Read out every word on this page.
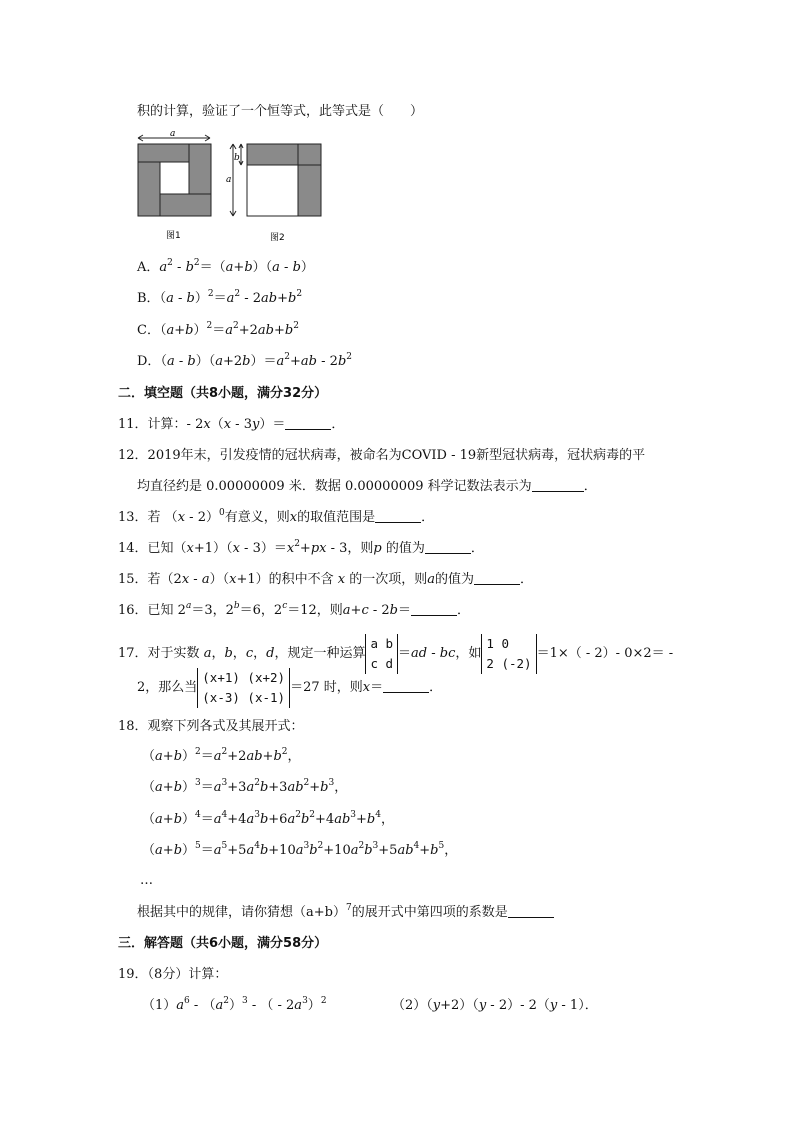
积的计算，验证了一个恒等式，此等式是（　　）
a
图1
b
a
图2
A．$a^2 - b^2=(a+b)(a - b)$
B．$(a - b)^2=a^2 - 2ab+b^2$
C．$(a+b)^2=a^2+2ab+b^2$
D．$(a - b)(a+2b)=a^2+ab - 2b^2$
二．填空题（共8小题，满分32分）
11．计算：- 2x（x - 3y）＝	．
12．2019年末，引发疫情的冠状病毒，被命名为COVID - 19新型冠状病毒，冠状病毒的平
均直径约是 0.00000009 米．数据 0.00000009 科学记数法表示为	．
13．若 （x - 2）$^0$有意义，则x的取值范围是	．
14．已知$(x+1)(x - 3)=x^2+px - 3$，则p 的值为	．
15．若（2x - a）（x+1）的积中不含 x 的一次项，则a的值为	．
16．已知 $2^a=3$，$2^b=6$，$2^c=12$，则a+c - 2b＝	．
17．对于实数 a，b，c，d，规定一种运算
a b
c d
＝ad - bc，如
1 0
2 (-2)
＝1×（ - 2）- 0×2＝ -
2，那么当
(x+1) (x+2)
(x-3) (x-1)
＝27 时，则x＝	．
18．观察下列各式及其展开式：
$(a+b)^2=a^2+2ab+b^2$，
$(a+b)^3=a^3+3a^2b+3ab^2+b^3$，
$(a+b)^4=a^4+4a^3b+6a^2b^2+4ab^3+b^4$，
$(a+b)^5=a^5+5a^4b+10a^3b^2+10a^2b^3+5ab^4+b^5$，
…
根据其中的规律，请你猜想$(a+b)^7$的展开式中第四项的系数是
三．解答题（共6小题，满分58分）
19．（8分）计算：
$(1)a^6 - (a^2)^3$ - （ - $2a^3)^2$	（2）（y+2）（y - 2）- 2（y - 1）．
